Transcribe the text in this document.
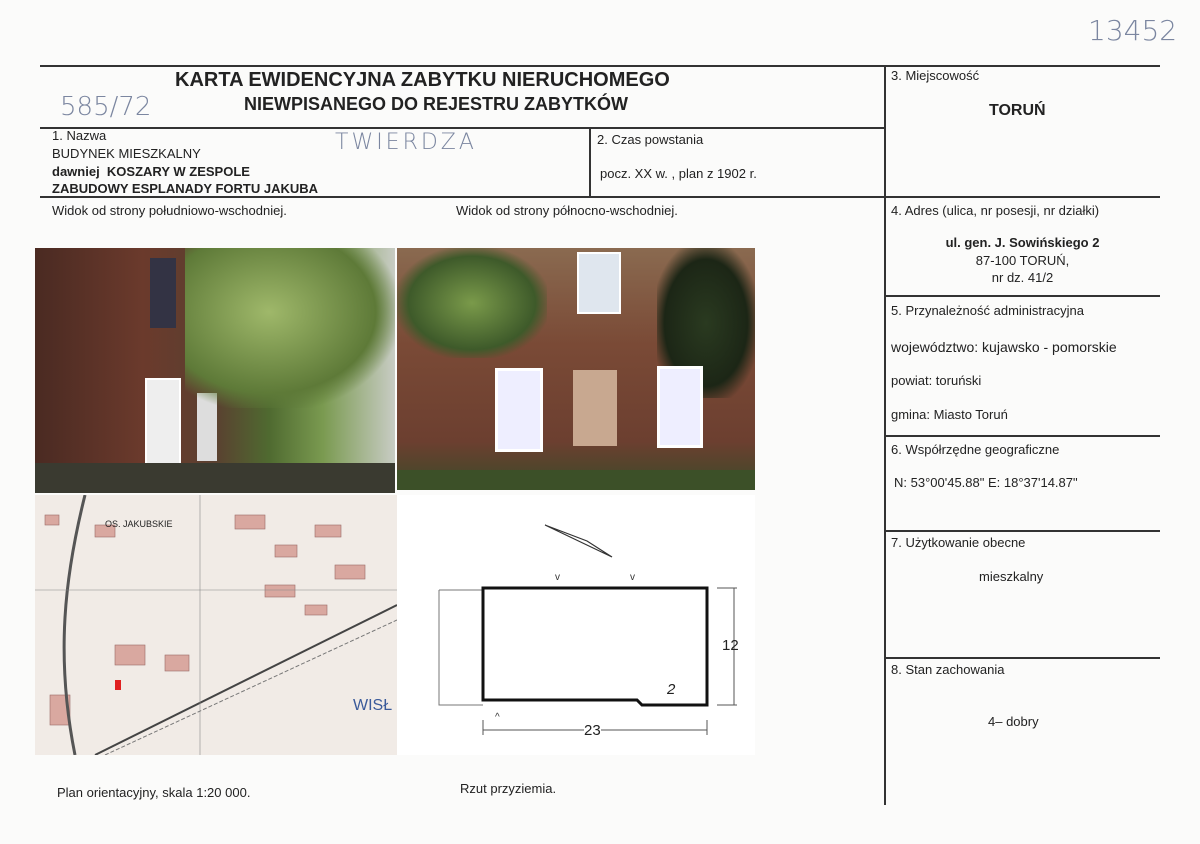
13452
585/72
TWIERDZA
KARTA EWIDENCYJNA ZABYTKU NIERUCHOMEGO
NIEWPISANEGO DO REJESTRU ZABYTKÓW
1. Nazwa
BUDYNEK MIESZKALNY
dawniej KOSZARY W ZESPOLE
ZABUDOWY ESPLANADY FORTU JAKUBA
2. Czas powstania
pocz. XX w. , plan z 1902 r.
3. Miejscowość
TORUŃ
4. Adres (ulica, nr posesji, nr działki)
ul. gen. J. Sowińskiego 2
87-100 TORUŃ,
nr dz. 41/2
5. Przynależność administracyjna
województwo: kujawsko - pomorskie
powiat: toruński
gmina: Miasto Toruń
6. Współrzędne geograficzne
N: 53°00'45.88" E: 18°37'14.87"
7. Użytkowanie obecne
mieszkalny
8. Stan zachowania
4– dobry
Widok od strony południowo-wschodniej.	Widok od strony północno-wschodniej.
Plan orientacyjny, skala 1:20 000.	Rzut przyziemia.
OS. JAKUBSKIE
WISŁ
v	v
^
12
23
2
